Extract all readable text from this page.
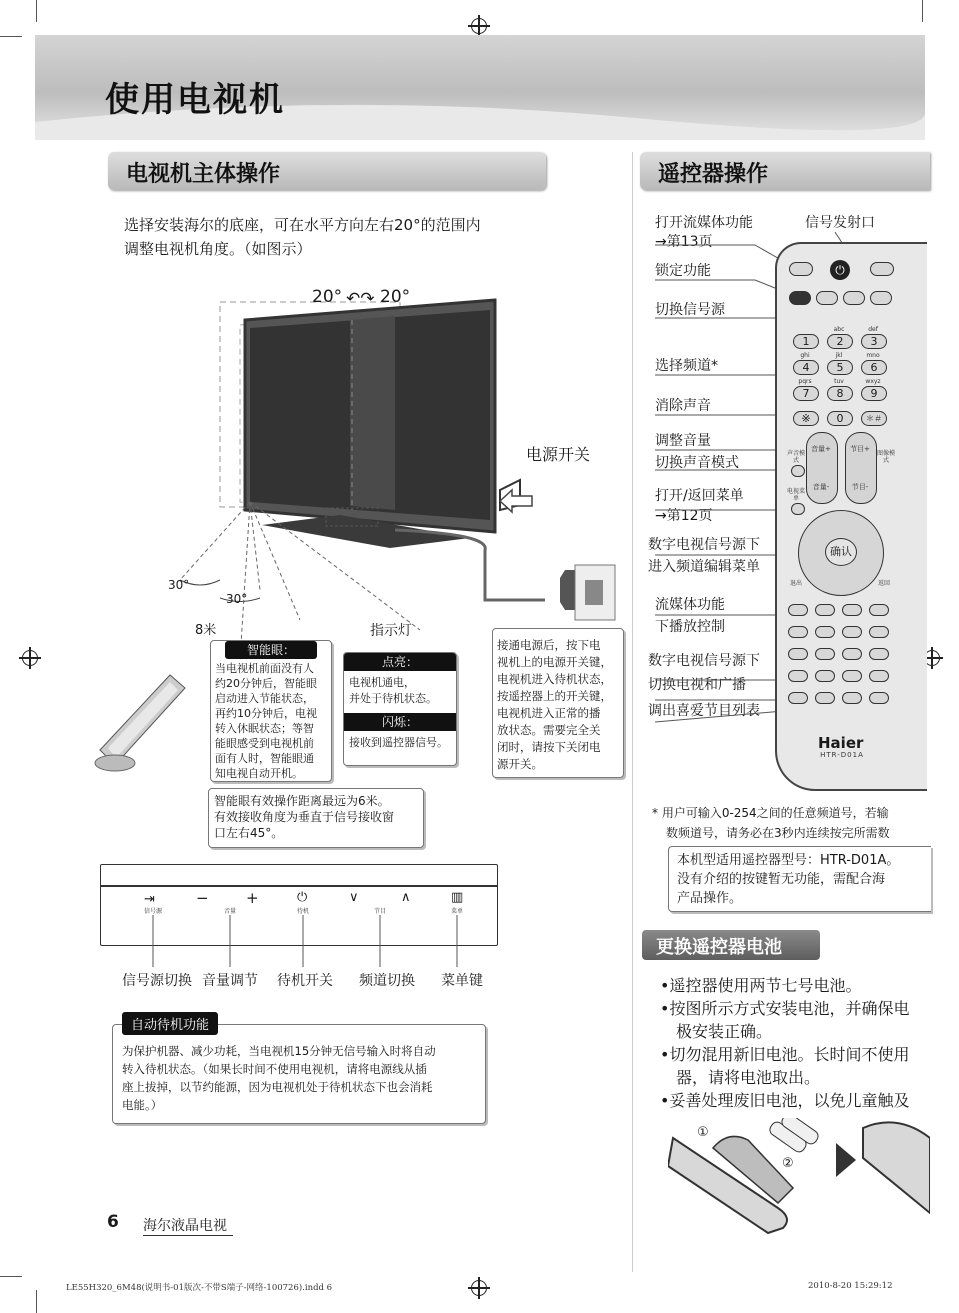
使用电视机
电视机主体操作
选择安装海尔的底座，可在水平方向左右20°的范围内
调整电视机角度。（如图示）
20° 20°
↶↷
电源开关
30°
30°
8米	指示灯
智能眼：
当电视机前面没有人
约20分钟后，智能眼
启动进入节能状态，
再约10分钟后，电视
转入休眠状态；等智
能眼感受到电视机前
面有人时，智能眼通
知电视自动开机。
点亮：
电视机通电，
并处于待机状态。
闪烁：
接收到遥控器信号。
接通电源后，按下电
视机上的电源开关键，
电视机进入待机状态，
按遥控器上的开关键，
电视机进入正常的播
放状态。需要完全关
闭时，请按下关闭电
源开关。
智能眼有效操作距离最远为6米。
有效接收角度为垂直于信号接收窗
口左右45°。
⇥	− +	⏻	∨	∧	▥
信号源	音量	待机	节目	菜单
信号源切换 音量调节 待机开关 频道切换 菜单键
自动待机功能
为保护机器、减少功耗，当电视机15分钟无信号输入时将自动
转入待机状态。（如果长时间不使用电视机，请将电源线从插
座上拔掉，以节约能源，因为电视机处于待机状态下也会消耗
电能。）
遥控器操作
信号发射口
打开流媒体功能
→第13页
锁定功能
切换信号源
选择频道*
消除声音
调整音量
切换声音模式
打开/返回菜单
→第12页
数字电视信号源下
进入频道编辑菜单
流媒体功能
下播放控制
数字电视信号源下
切换电视和广播
调出喜爱节目列表
⏻
1	2	3
4	5	6
7	8	9
※	0	＊＃
abc	def
ghi	jkl	mno
pqrs	tuv	wxyz
音量+
音量-
节目+
节目-
声音模式
图像模式
电视菜单
确认
退出	返回
Haier
HTR-D01A
* 用户可输入0-254之间的任意频道号，若输
数频道号，请务必在3秒内连续按完所需数
本机型适用遥控器型号：HTR-D01A。
没有介绍的按键暂无功能，需配合海
产品操作。
更换遥控器电池
•遥控器使用两节七号电池。
•按图所示方式安装电池，并确保电
极安装正确。
•切勿混用新旧电池。长时间不使用
器，请将电池取出。
•妥善处理废旧电池，以免儿童触及
①
②
6 海尔液晶电视
LE55H320_6M48(说明书-01版次-不带S端子-网络-100726).indd 6	2010-8-20 15:29:12
